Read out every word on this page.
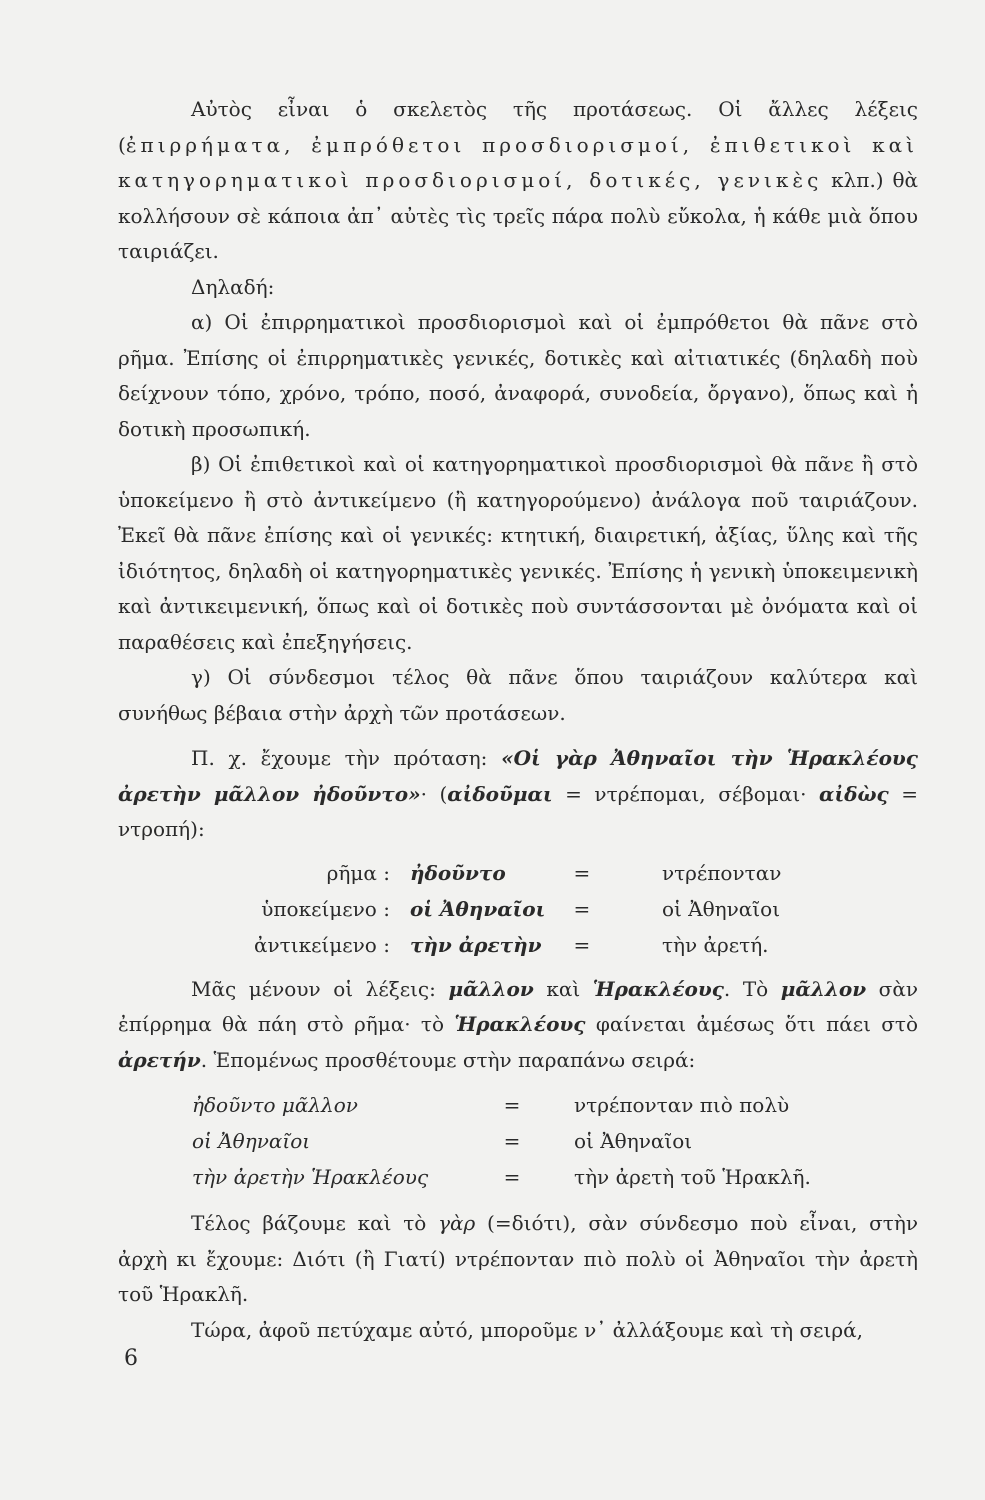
Αὐτὸς εἶναι ὁ σκελετὸς τῆς προτάσεως. Οἱ ἄλλες λέξεις (ἐπιρρήματα, ἐμπρόθετοι προσδιορισμοί, ἐπιθετικοὶ καὶ κατηγορηματικοὶ προσδιορισμοί, δοτικές, γενικὲς κλπ.) θὰ κολλήσουν σὲ κάποια ἀπ᾽ αὐτὲς τὶς τρεῖς πάρα πολὺ εὔκολα, ἡ κάθε μιὰ ὅπου ταιριάζει.

Δηλαδή:

α) Οἱ ἐπιρρηματικοὶ προσδιορισμοὶ καὶ οἱ ἐμπρόθετοι θὰ πᾶνε στὸ ρῆμα. Ἐπίσης οἱ ἐπιρρηματικὲς γενικές, δοτικὲς καὶ αἰτιατικές (δηλαδὴ ποὺ δείχνουν τόπο, χρόνο, τρόπο, ποσό, ἀναφορά, συνοδεία, ὄργανο), ὅπως καὶ ἡ δοτικὴ προσωπική.

β) Οἱ ἐπιθετικοὶ καὶ οἱ κατηγορηματικοὶ προσδιορισμοὶ θὰ πᾶνε ἢ στὸ ὑποκείμενο ἢ στὸ ἀντικείμενο (ἢ κατηγορούμενο) ἀνάλογα ποῦ ταιριάζουν. Ἐκεῖ θὰ πᾶνε ἐπίσης καὶ οἱ γενικές: κτητική, διαιρετική, ἀξίας, ὕλης καὶ τῆς ἰδιότητος, δηλαδὴ οἱ κατηγορηματικὲς γενικές. Ἐπίσης ἡ γενικὴ ὑποκειμενικὴ καὶ ἀντικειμενική, ὅπως καὶ οἱ δοτικὲς ποὺ συντάσσονται μὲ ὀνόματα καὶ οἱ παραθέσεις καὶ ἐπεξηγήσεις.

γ) Οἱ σύνδεσμοι τέλος θὰ πᾶνε ὅπου ταιριάζουν καλύτερα καὶ συνήθως βέβαια στὴν ἀρχὴ τῶν προτάσεων.

Π. χ. ἔχουμε τὴν πρόταση: «Οἱ γὰρ Ἀθηναῖοι τὴν Ἡρακλέους ἀρετὴν μᾶλλον ἠδοῦντο»· (αἰδοῦμαι = ντρέπομαι, σέβομαι· αἰδὼς = ντροπή):

ρῆμα :	ἠδοῦντο	=	ντρέπονταν
ὑποκείμενο :	οἱ Ἀθηναῖοι	=	οἱ Ἀθηναῖοι
ἀντικείμενο :	τὴν ἀρετὴν	=	τὴν ἀρετή.

Μᾶς μένουν οἱ λέξεις: μᾶλλον καὶ Ἡρακλέους. Τὸ μᾶλλον σὰν ἐπίρρημα θὰ πάη στὸ ρῆμα· τὸ Ἡρακλέους φαίνεται ἀμέσως ὅτι πάει στὸ ἀρετήν. Ἑπομένως προσθέτουμε στὴν παραπάνω σειρά:

ἠδοῦντο μᾶλλον	=	ντρέπονταν πιὸ πολὺ
οἱ Ἀθηναῖοι	=	οἱ Ἀθηναῖοι
τὴν ἀρετὴν Ἡρακλέους	=	τὴν ἀρετὴ τοῦ Ἡρακλῆ.

Τέλος βάζουμε καὶ τὸ γὰρ (=διότι), σὰν σύνδεσμο ποὺ εἶναι, στὴν ἀρχὴ κι ἔχουμε: Διότι (ἢ Γιατί) ντρέπονταν πιὸ πολὺ οἱ Ἀθηναῖοι τὴν ἀρετὴ τοῦ Ἡρακλῆ.

Τώρα, ἀφοῦ πετύχαμε αὐτό, μποροῦμε ν᾽ ἀλλάξουμε καὶ τὴ σειρά,

6
